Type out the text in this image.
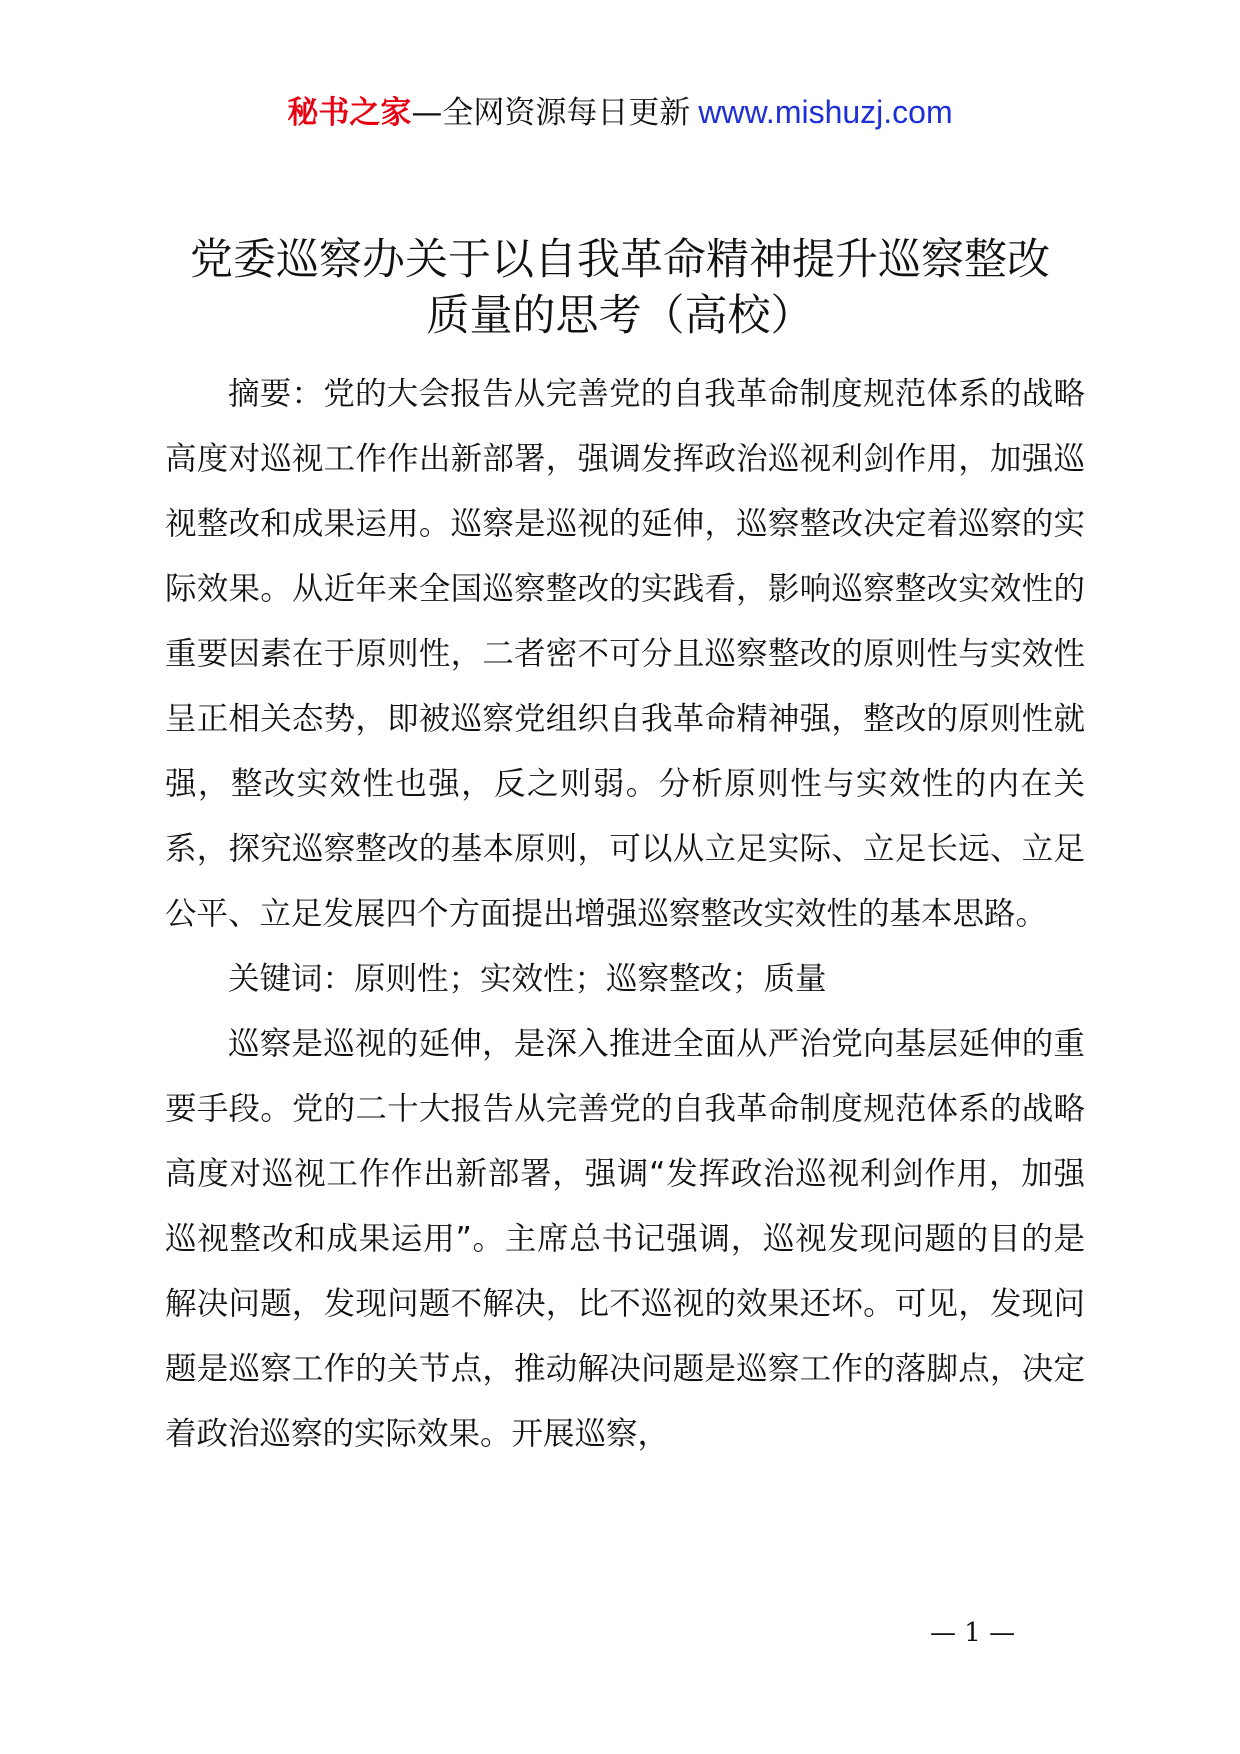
秘书之家—全网资源每日更新 www.mishuzj.com
党委巡察办关于以自我革命精神提升巡察整改
质量的思考（高校）

摘要：党的大会报告从完善党的自我革命制度规范体系的战略高度对巡视工作作出新部署，强调发挥政治巡视利剑作用，加强巡视整改和成果运用。巡察是巡视的延伸，巡察整改决定着巡察的实际效果。从近年来全国巡察整改的实践看，影响巡察整改实效性的重要因素在于原则性，二者密不可分且巡察整改的原则性与实效性呈正相关态势，即被巡察党组织自我革命精神强，整改的原则性就强，整改实效性也强，反之则弱。分析原则性与实效性的内在关系，探究巡察整改的基本原则，可以从立足实际、立足长远、立足公平、立足发展四个方面提出增强巡察整改实效性的基本思路。

关键词：原则性；实效性；巡察整改；质量

巡察是巡视的延伸，是深入推进全面从严治党向基层延伸的重要手段。党的二十大报告从完善党的自我革命制度规范体系的战略高度对巡视工作作出新部署，强调“发挥政治巡视利剑作用，加强巡视整改和成果运用”。主席总书记强调，巡视发现问题的目的是解决问题，发现问题不解决，比不巡视的效果还坏。可见，发现问题是巡察工作的关节点，推动解决问题是巡察工作的落脚点，决定着政治巡察的实际效果。开展巡察，

— 1 —
